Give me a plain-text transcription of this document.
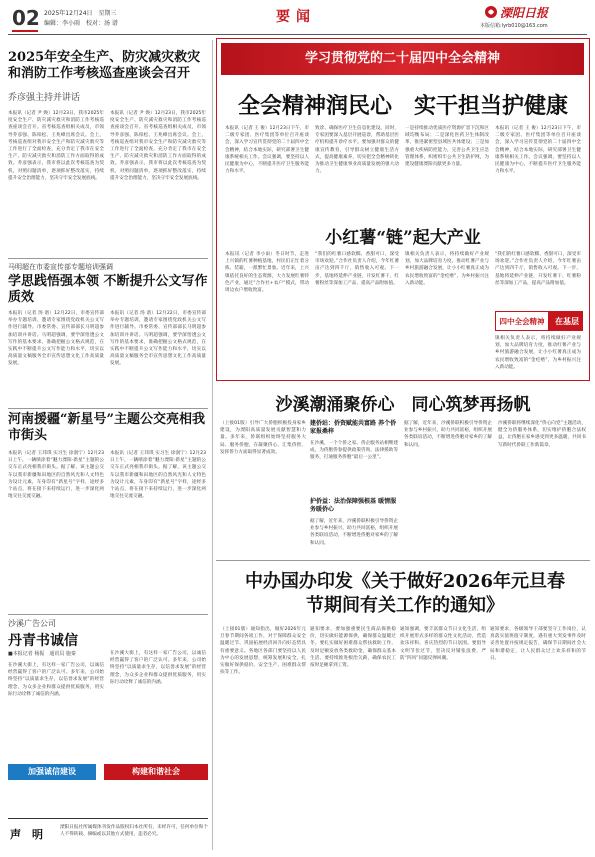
02 2025年12月24日　星期三
编辑：李小雨　校对：汤 谱	要闻	溧阳日报
本版信箱:lyrb010@163.com
2025年安全生产、防灾减灾救灾和消防工作考核巡查座谈会召开
乔彦强主持并讲话
本报讯（记者 尹 焕）12月23日，我市2025年度安全生产、防灾减灾救灾和消防工作考核巡查座谈会召开。省考核巡查组相关成员，市领导乔彦强、陈柏松、王兆峰出席会议。会上，考核巡查组对我市安全生产和防灾减灾救灾等工作进行了全面检查，充分肯定了我市在安全生产、防灾减灾救灾和消防工作方面取得的成效。乔彦强表示，我市将以此次考核巡查为契机，对照问题清单，逐项抓好整改落实，持续提升安全治理能力，坚决守牢安全发展底线。
本报讯（记者 尹 焕）12月23日，我市2025年度安全生产、防灾减灾救灾和消防工作考核巡查座谈会召开。省考核巡查组相关成员，市领导乔彦强、陈柏松、王兆峰出席会议。会上，考核巡查组对我市安全生产和防灾减灾救灾等工作进行了全面检查，充分肯定了我市在安全生产、防灾减灾救灾和消防工作方面取得的成效。乔彦强表示，我市将以此次考核巡查为契机，对照问题清单，逐项抓好整改落实，持续提升安全治理能力，坚决守牢安全发展底线。
马明超在市委宣传部专题培训强调
学思践悟强本领 不断提升公文写作质效
本报讯（记者 汤 谱）12月22日，市委宣传部举办专题培训，邀请专家围绕党政机关公文写作进行辅导。市委常委、宣传部部长马明超参加培训并讲话。马明超强调，要学深悟透公文写作的基本要求，准确把握公文格式规范，在实践中不断提升公文写作能力和水平，切实以高质量文稿服务全市宣传思想文化工作高质量发展。
本报讯（记者 汤 谱）12月22日，市委宣传部举办专题培训，邀请专家围绕党政机关公文写作进行辅导。市委常委、宣传部部长马明超参加培训并讲话。马明超强调，要学深悟透公文写作的基本要求，准确把握公文格式规范，在实践中不断提升公文写作能力和水平，切实以高质量文稿服务全市宣传思想文化工作高质量发展。
河南援疆“新星号”主题公交亮相我市街头
本报讯（记者 王玮琪 实习生 徐润宁）12月23日上午，一辆喷涂着“魅力溧阳·新星”主题的公交车正式亮相我市街头。据了解，该主题公交车以我市新疆和田地区的自然风光和人文特色为设计元素，车身印有“新星号”字样，途经多个站点，将在接下来持续运行，进一步深化两地交往交流交融。
本报讯（记者 王玮琪 实习生 徐润宁）12月23日上午，一辆喷涂着“魅力溧阳·新星”主题的公交车正式亮相我市街头。据了解，该主题公交车以我市新疆和田地区的自然风光和人文特色为设计元素，车身印有“新星号”字样，途经多个站点，将在接下来持续运行，进一步深化两地交往交流交融。
沙溪广告公司
丹青书诚信
■本报记者 杨振　通讯员 施秦
在沙溪大街上，有这样一家广告公司，以诚信经营赢得了客户的广泛认可。多年来，公司始终坚持“以质量求生存，以信誉求发展”的经营理念，为众多企业和群众提供优质服务，用实际行动诠释了诚信的内涵。
在沙溪大街上，有这样一家广告公司，以诚信经营赢得了客户的广泛认可。多年来，公司始终坚持“以质量求生存，以信誉求发展”的经营理念，为众多企业和群众提供优质服务，用实际行动诠释了诚信的内涵。
加强诚信建设	构建和谐社会
声　明
溧阳日报社所属媒体刊发作品版权归本社所有，未经许可，任何单位和个人不得转载、摘编或以其他方式使用，违者必究。
学习贯彻党的二十届四中全会精神
全会精神润民心　实干担当护健康
本报讯（记者 王 俊）12月23日下午，市二级专家团、医疗集团等单位召开座谈会，深入学习宣传贯彻党的二十届四中全会精神，结合本地实际，研究部署卫生健康系统相关工作。会议强调，要坚持以人民健康为中心，不断提升医疗卫生服务能力和水平。
致诊、确保医疗卫生信息化建设。同时，专家团要深入基层开展巡诊，帮助基层医疗机构提升诊疗水平。要加强对群众的健康宣传教育，引导群众树立健康生活方式，提高健康素养，切实把全会精神转化为推动卫生健康事业高质量发展的强大动力。
一是持续推动优质医疗资源扩容下沉和区域均衡布局；二是深化医药卫生体制改革，推进紧密型县域医共体建设；三是加强重大疾病防控能力，完善公共卫生应急管理体系，织密织牢公共卫生防护网，为建设健康溧阳贡献更多力量。
本报讯（记者 王 俊）12月23日下午，市二级专家团、医疗集团等单位召开座谈会，深入学习宣传贯彻党的二十届四中全会精神，结合本地实际，研究部署卫生健康系统相关工作。会议强调，要坚持以人民健康为中心，不断提升医疗卫生服务能力和水平。
小红薯“链”起大产业
本报讯（记者 李小雨）冬日时节，走进上兴镇的红薯种植基地，村民们正忙着分拣、装箱，一派繁忙景象。近年来，上兴镇依托良好的生态资源，大力发展红薯特色产业，通过“合作社+农户”模式，带动周边农户增收致富。
“我们的红薯口感软糯、香甜可口，深受市场欢迎。”合作社负责人介绍，今年红薯亩产达到四千斤，销售收入可观。下一步，基地将延伸产业链，开发红薯干、红薯粉丝等深加工产品，提高产品附加值。
镇相关负责人表示，将持续做好产业规划，加大品牌培育力度，推动红薯产业与乡村旅游融合发展，让小小红薯真正成为农民增收致富的“金疙瘩”，为乡村振兴注入新动能。
“我们的红薯口感软糯、香甜可口，深受市场欢迎。”合作社负责人介绍，今年红薯亩产达到四千斤，销售收入可观。下一步，基地将延伸产业链，开发红薯干、红薯粉丝等深加工产品，提高产品附加值。
四中全会精神	在基层
镇相关负责人表示，将持续做好产业规划，加大品牌培育力度，推动红薯产业与乡村旅游融合发展，让小小红薯真正成为农民增收致富的“金疙瘩”，为乡村振兴注入新动能。
沙溪潮涌聚侨心　同心筑梦再扬帆
（上接01版）引导广大侨胞积极投身家乡建设，为溧阳高质量发展贡献智慧和力量。多年来，侨联组织始终坚持服务大局、服务侨胞，在凝聚侨心、汇集侨智、发挥侨力方面取得显著成效。
建侨站：侨资赋能共富路 养个侨家报桑梓
在沙溪，一个个侨之家、侨企服务站相继建成，为侨胞侨眷提供政策咨询、法律援助等服务，打通服务侨胞“最后一公里”。
护侨益：法治保障强根基 暖情服务暖侨心
据了解，近年来，沙溪侨联积极引导侨资企业参与乡村振兴，助力共同富裕，组织开展各类联谊活动，不断增进侨胞对家乡的了解和认同。
据了解，近年来，沙溪侨联积极引导侨资企业参与乡村振兴，助力共同富裕，组织开展各类联谊活动，不断增进侨胞对家乡的了解和认同。
沙溪侨联将继续深化“侨心向党”主题活动，健全为侨服务体系，切实维护侨胞合法权益，让侨胞在家乡感受到更多温暖，共同书写新时代侨联工作新篇章。
中办国办印发《关于做好2026年元旦春节期间有关工作的通知》
（上接01版）通知指出，做好2026年元旦春节期间各项工作，对于保障群众安全温暖过节、巩固拓展经济回升向好态势具有重要意义。各地区各部门要坚持以人民为中心的发展思想，统筹发展和安全，扎实做好保供稳价、安全生产、困难群众帮扶等工作。
通知要求，要加强重要民生商品保供稳价，切实做好能源保供，确保群众温暖过冬。要扎实做好困难群众帮扶救助工作，及时足额发放各类救助金，确保群众基本生活。要持续推进根治欠薪，确保农民工按时足额拿到工资。
通知强调，要丰富群众节日文化生活，组织开展形式多样的群众性文化活动，营造欢乐祥和、喜庆热烈的节日氛围。要倡导文明节俭过节，坚决反对铺张浪费，严防“四风”问题反弹回潮。
通知要求，各级领导干部要坚守工作岗位，认真落实值班值守制度，遇有重大突发事件及时妥善处置并按规定报告，确保节日期间社会大局和谐稳定，让人民群众过上欢乐祥和的节日。
